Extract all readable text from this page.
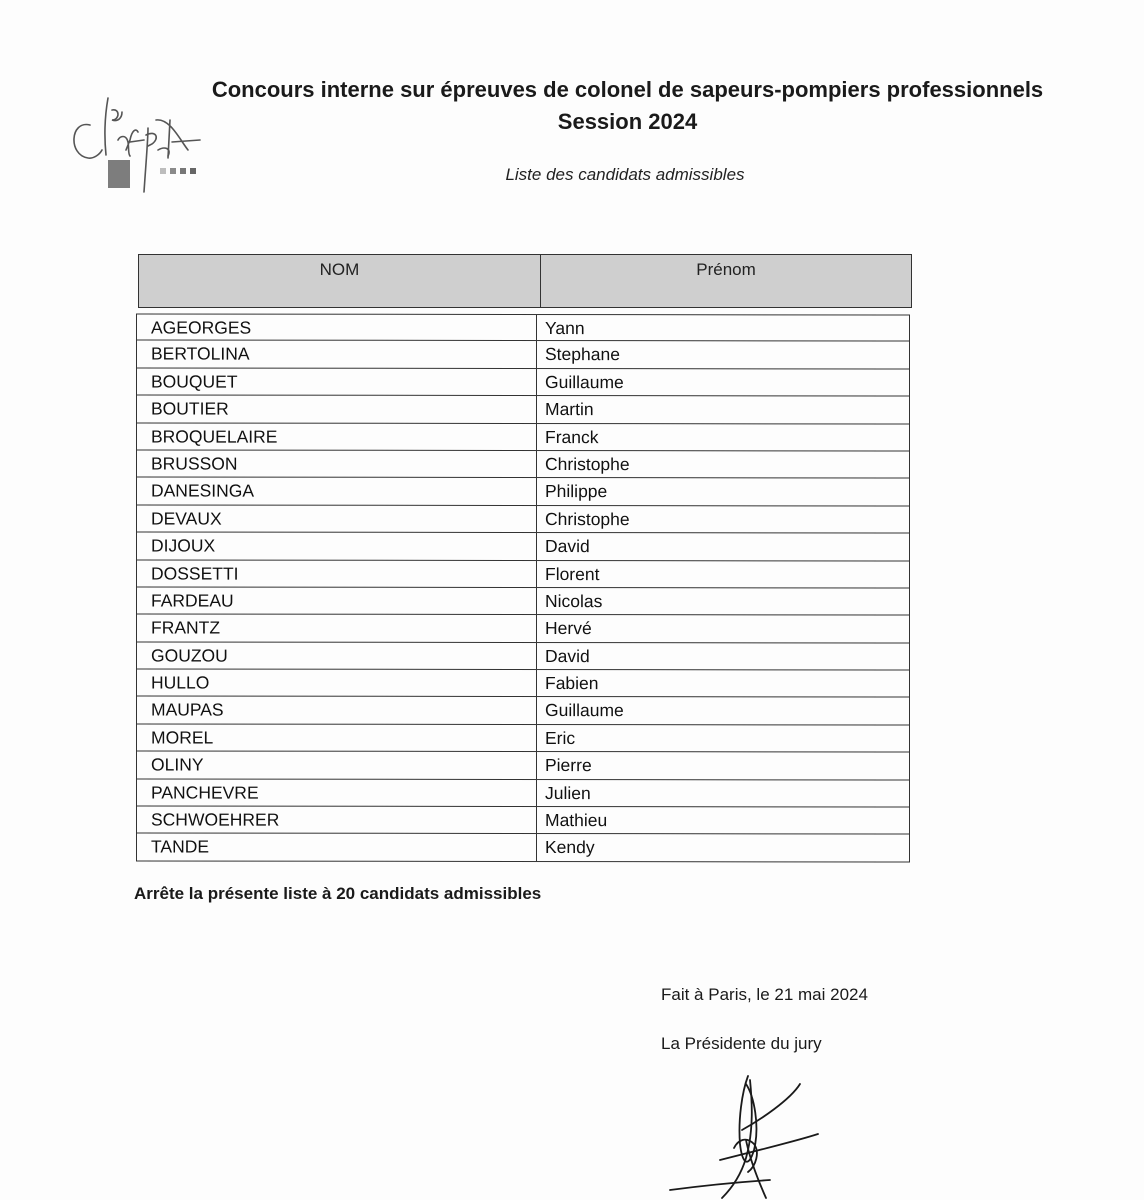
Concours interne sur épreuves de colonel de sapeurs-pompiers professionnels
Session 2024
Liste des candidats admissibles
NOM	Prénom
AGEORGES	Yann
BERTOLINA	Stephane
BOUQUET	Guillaume
BOUTIER	Martin
BROQUELAIRE	Franck
BRUSSON	Christophe
DANESINGA	Philippe
DEVAUX	Christophe
DIJOUX	David
DOSSETTI	Florent
FARDEAU	Nicolas
FRANTZ	Hervé
GOUZOU	David
HULLO	Fabien
MAUPAS	Guillaume
MOREL	Eric
OLINY	Pierre
PANCHEVRE	Julien
SCHWOEHRER	Mathieu
TANDE	Kendy
Arrête la présente liste à 20 candidats admissibles
Fait à Paris, le 21 mai 2024
La Présidente du jury
